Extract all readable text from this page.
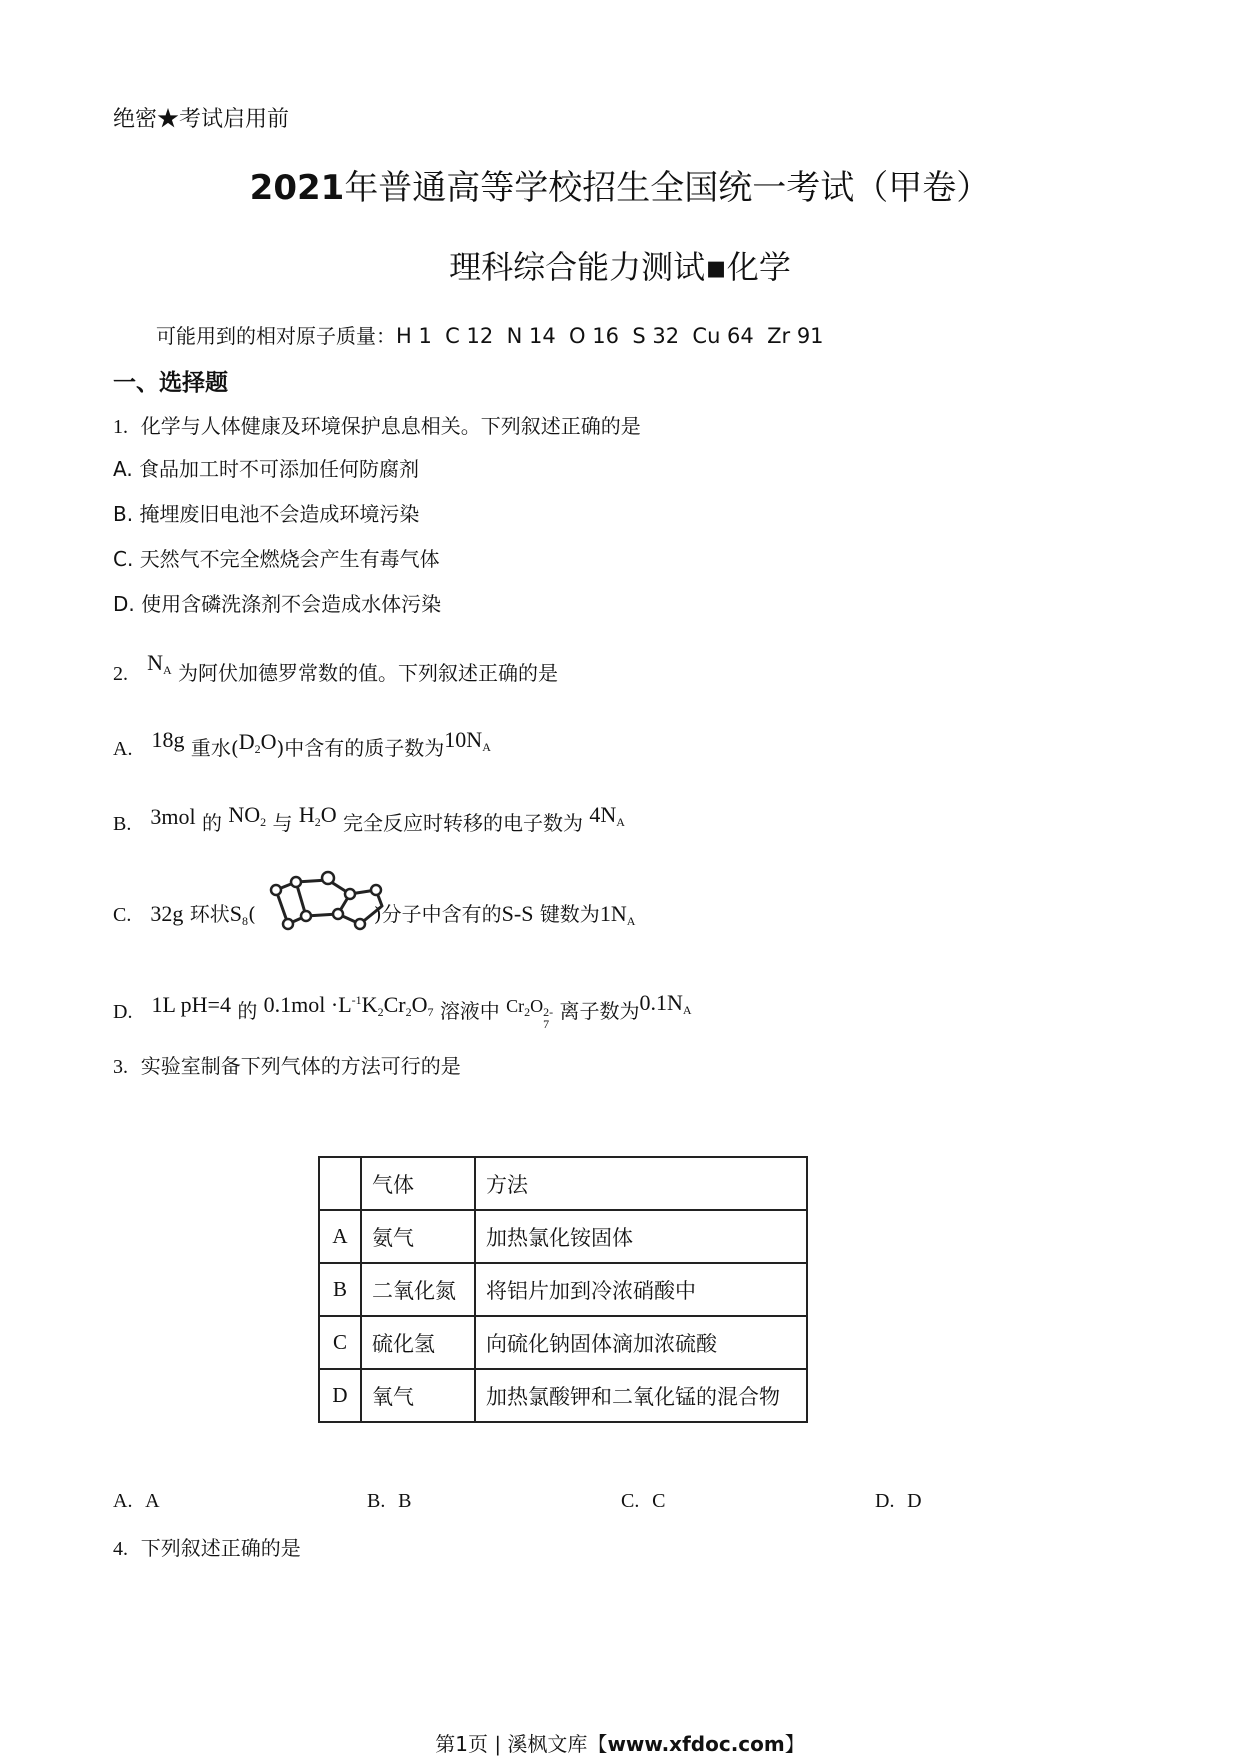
绝密★考试启用前
2021年普通高等学校招生全国统一考试（甲卷）
理科综合能力测试▪化学
可能用到的相对原子质量：H 1  C 12  N 14  O 16  S 32  Cu 64  Zr 91
一、选择题
1. 化学与人体健康及环境保护息息相关。下列叙述正确的是
A. 食品加工时不可添加任何防腐剂
B. 掩埋废旧电池不会造成环境污染
C. 天然气不完全燃烧会产生有毒气体
D. 使用含磷洗涤剂不会造成水体污染
2. $N_A$ 为阿伏加德罗常数的值。下列叙述正确的是
A. 18g 重水$(D_2O)$中含有的质子数为$10N_A$
B. 3mol 的 $NO_2$ 与 $H_2O$ 完全反应时转移的电子数为 $4N_A$
C. 32g 环状$S_8$(	)分子中含有的S-S 键数为$1N_A$
D. 1L pH=4 的 $0.1mol \cdot L^{-1}K_2Cr_2O_7$ 溶液中 $Cr_2O$ 2-
7
离子数为$0.1N_A$
3. 实验室制备下列气体的方法可行的是
	气体	方法
A	氨气	加热氯化铵固体
B	二氧化氮	将铝片加到冷浓硝酸中
C	硫化氢	向硫化钠固体滴加浓硫酸
D	氧气	加热氯酸钾和二氧化锰的混合物
A. A	B. B	C. C	D. D
4. 下列叙述正确的是
第1页 | 溪枫文库【www.xfdoc.com】
